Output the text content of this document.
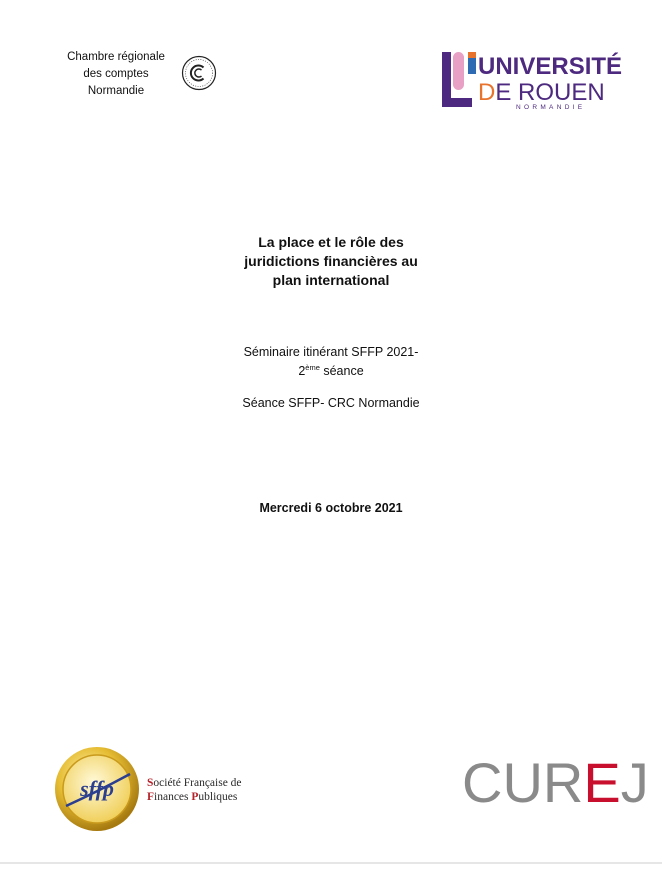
Chambre régionale
des comptes
Normandie
UNIVERSITÉ
DE ROUEN
NORMANDIE
La place et le rôle des
juridictions financières au
plan international
Séminaire itinérant SFFP 2021-
2ème séance
Séance SFFP- CRC Normandie
Mercredi 6 octobre 2021
sffp	Société Française de
Finances Publiques	CUREJ
